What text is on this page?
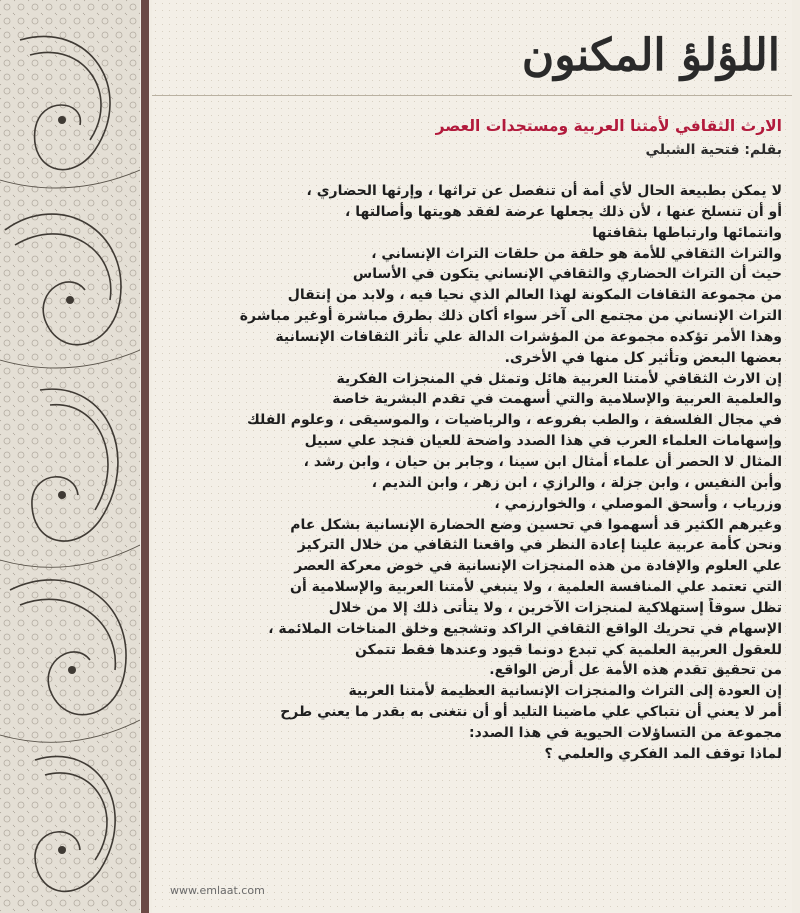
اللؤلؤ المكنون
الارث الثقافي لأمتنا العربية ومستجدات العصر
بقلم: فتحية الشبلي
لا يمكن بطبيعة الحال لأي أمة أن تنفصل عن تراثها ، وإرثها الحضاري ،
أو أن تنسلخ عنها ، لأن ذلك يجعلها عرضة لفقد هويتها وأصالتها ،
وانتمائها وارتباطها بثقافتها
والتراث الثقافي للأمة هو حلقة من حلقات التراث الإنساني ،
حيث أن التراث الحضاري والثقافي الإنساني يتكون في الأساس
من مجموعة الثقافات المكونة لهذا العالم الذي نحيا فيه ، ولابد من إنتقال
التراث الإنساني من مجتمع الى آخر سواء أكان ذلك بطرق مباشرة أوغير مباشرة
وهذا الأمر تؤكده مجموعة من المؤشرات الدالة علي تأثر الثقافات الإنسانية
بعضها البعض وتأثير كل منها في الأخرى.
إن الارث الثقافي لأمتنا العربية هائل وتمثل في المنجزات الفكرية
والعلمية العربية والإسلامية والتي أسهمت في تقدم البشرية خاصة
في مجال الفلسفة ، والطب بفروعه ، والرياضيات ، والموسيقى ، وعلوم الفلك
وإسهامات العلماء العرب في هذا الصدد واضحة للعيان فنجد علي سبيل
المثال لا الحصر أن علماء أمثال ابن سينا ، وجابر بن حيان ، وابن رشد ،
وأبن النفيس ، وابن جزلة ، والرازي ، ابن زهر ، وابن النديم ،
وزرياب ، وأسحق الموصلي ، والخوارزمي ،
وغيرهم الكثير قد أسهموا في تحسين وضع الحضارة الإنسانية بشكل عام
ونحن كأمة عربية علينا إعادة النظر في واقعنا الثقافي من خلال التركيز
علي العلوم والإفادة من هذه المنجزات الإنسانية في خوض معركة العصر
التي تعتمد علي المنافسة العلمية ، ولا ينبغي لأمتنا العربية والإسلامية أن
تظل سوقاً إستهلاكية لمنجزات الآخرين ، ولا يتأتى ذلك إلا من خلال
الإسهام في تحريك الواقع الثقافي الراكد وتشجيع وخلق المناخات الملائمة ،
للعقول العربية العلمية كي تبدع دونما قيود وعندها فقط تتمكن
من تحقيق تقدم هذه الأمة عل أرض الواقع.
إن العودة إلى التراث والمنجزات الإنسانية العظيمة لأمتنا العربية
أمر لا يعني أن نتباكي علي ماضينا التليد أو أن نتغنى به بقدر ما يعني طرح
مجموعة من التساؤلات الحيوية في هذا الصدد:
لماذا توقف المد الفكري والعلمي ؟
www.emlaat.com
